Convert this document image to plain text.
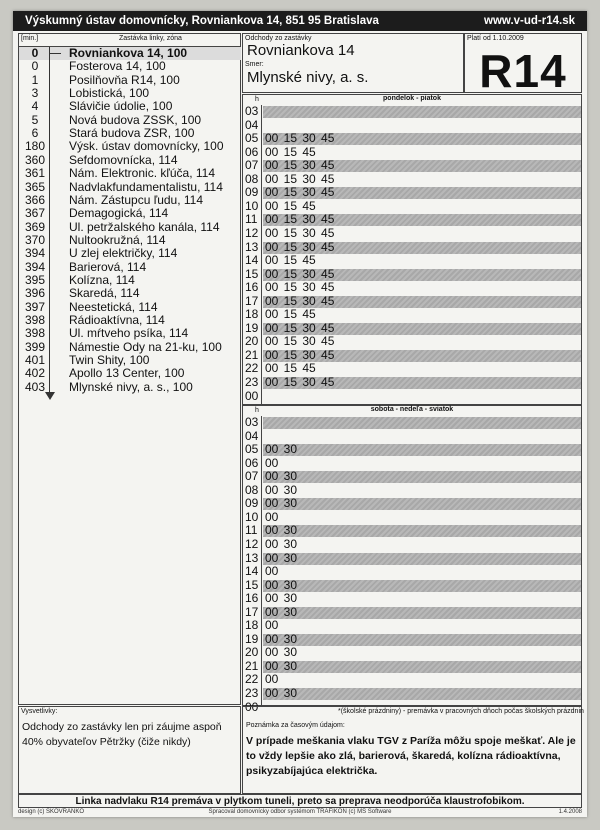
Výskumný ústav domovnícky, Rovniankova 14, 851 95 Bratislava	www.v-ud-r14.sk
[min.]	Zastávka linky, zóna
0	Rovniankova 14, 100
0	Fosterova 14, 100
1	Posilňovňa R14, 100
3	Lobistická, 100
4	Slávičie údolie, 100
5	Nová budova ZSSK, 100
6	Stará budova ZSR, 100
180	Výsk. ústav domovnícky, 100
360	Sefdomovnícka, 114
361	Nám. Elektronic. kľúča, 114
365	Nadvlakfundamentalistu, 114
366	Nám. Zástupcu ľudu, 114
367	Demagogická, 114
369	Ul. petržalského kanála, 114
370	Nultookružná, 114
394	U zlej električky, 114
394	Barierová, 114
395	Kolízna, 114
396	Skaredá, 114
397	Neestetická, 114
398	Rádioaktívna, 114
398	Ul. mŕtveho psíka, 114
399	Námestie Ody na 21-ku, 100
401	Twin Shity, 100
402	Apollo 13 Center, 100
403	Mlynské nivy, a. s., 100
Odchody zo zastávky
Rovniankova 14
Smer:
Mlynské nivy, a. s.
Platí od 1.10.2009
R14
h	pondelok - piatok
03
04
05 00 15 30 45
06 00 15 45
07 00 15 30 45
08 00 15 30 45
09 00 15 30 45
10 00 15 45
11 00 15 30 45
12 00 15 30 45
13 00 15 30 45
14 00 15 45
15 00 15 30 45
16 00 15 30 45
17 00 15 30 45
18 00 15 45
19 00 15 30 45
20 00 15 30 45
21 00 15 30 45
22 00 15 45
23 00 15 30 45
00
h	sobota - nedeľa - sviatok
03
04
05 00 30
06 00
07 00 30
08 00 30
09 00 30
10 00
11 00 30
12 00 30
13 00 30
14 00
15 00 30
16 00 30
17 00 30
18 00
19 00 30
20 00 30
21 00 30
22 00
23 00 30
00
Vysvetlivky:
Odchody zo zastávky len pri záujme aspoň 40% obyvateľov Pětržky (čiže nikdy)
*(školské prázdniny) - premávka v pracovných dňoch počas školských prázdnin
Poznámka za časovým údajom:
V prípade meškania vlaku TGV z Paríža môžu spoje meškať. Ale je to vždy lepšie ako zlá, barierová, škaredá, kolízna rádioaktívna, psikyzabíjajúca električka.
Linka nadvlaku R14 premáva v plytkom tuneli, preto sa preprava neodporúča klaustrofobikom.
design (c) ŠKOVRANKO	Spracoval domovnícky odbor systémom TRAFIKON (c) MS Software	1.4.2008
